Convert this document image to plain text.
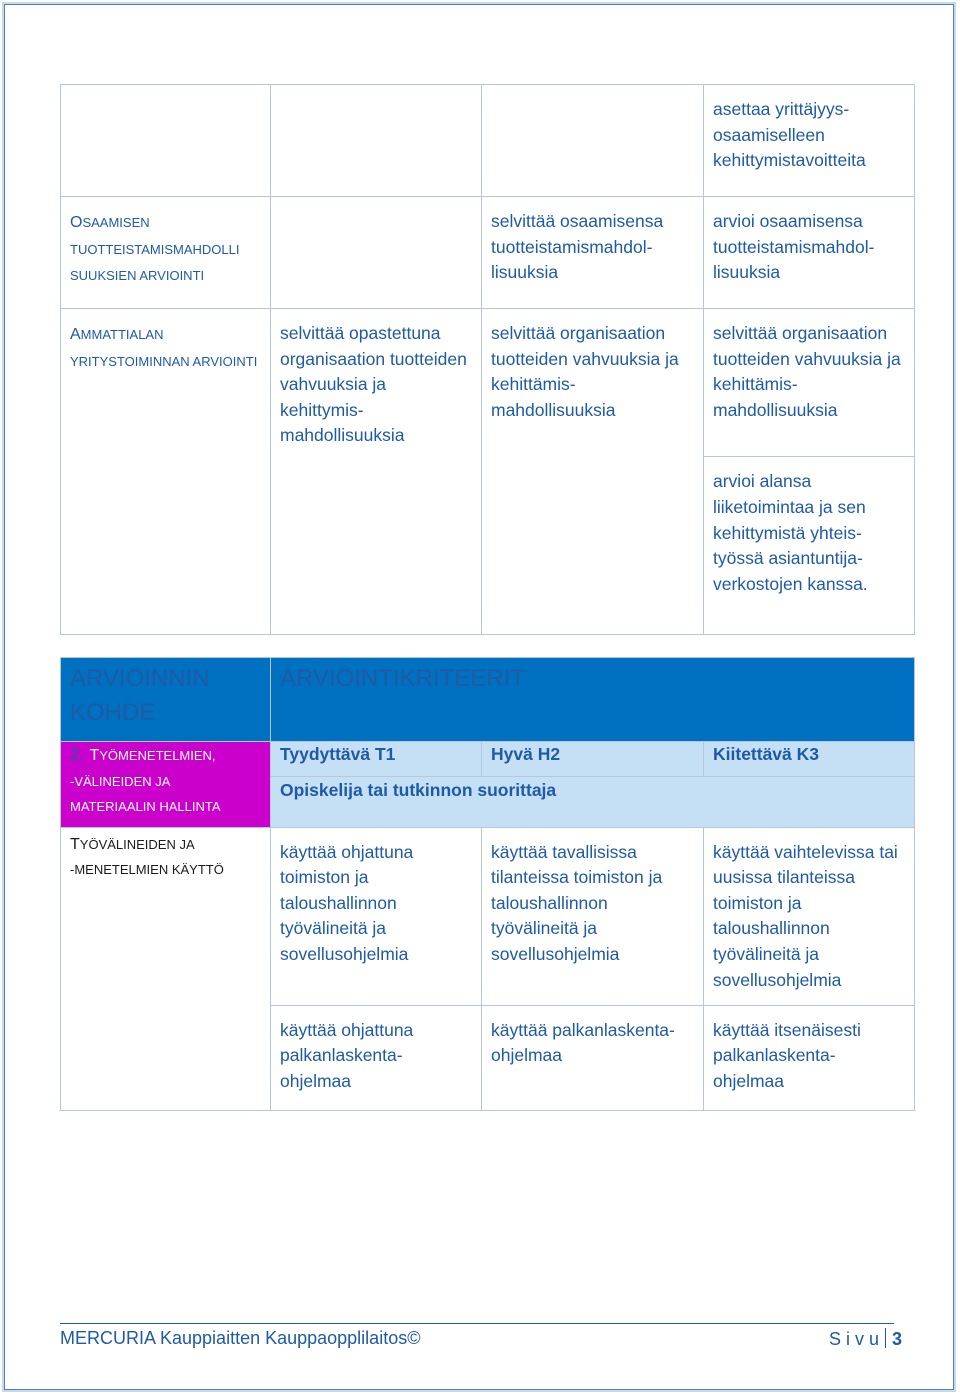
			asettaa yrittäjyys-osaamiselleen kehittymistavoitteita
OSAAMISEN TUOTTEISTAMISMAHDOLLI SUUKSIEN ARVIOINTI		selvittää osaamisensa tuotteistamismahdol-lisuuksia	arvioi osaamisensa tuotteistamismahdol-lisuuksia
AMMATTIALAN YRITYSTOIMINNAN ARVIOINTI	selvittää opastettuna organisaation tuotteiden vahvuuksia ja kehittymis-mahdollisuuksia	selvittää organisaation tuotteiden vahvuuksia ja kehittämis-mahdollisuuksia	selvittää organisaation tuotteiden vahvuuksia ja kehittämis-mahdollisuuksia
			arvioi alansa liiketoimintaa ja sen kehittymistä yhteis-työssä asiantuntija-verkostojen kanssa.
ARVIOINNIN KOHDE	ARVIOINTIKRITEERIT		
2. TYÖMENETELMIEN,
-VÄLINEIDEN JA
MATERIAALIN HALLINTA	Tyydyttävä T1	Hyvä H2	Kiitettävä K3
	Opiskelija tai tutkinnon suorittaja		

TYÖVÄLINEIDEN JA
-MENETELMIEN KÄYTTÖ	käyttää ohjattuna toimiston ja taloushallinnon työvälineitä ja sovellusohjelmia	käyttää tavallisissa tilanteissa toimiston ja taloushallinnon työvälineitä ja sovellusohjelmia	käyttää vaihtelevissa tai uusissa tilanteissa toimiston ja taloushallinnon työvälineitä ja sovellusohjelmia
	käyttää ohjattuna palkanlaskenta-ohjelmaa	käyttää palkanlaskenta-ohjelmaa	käyttää itsenäisesti palkanlaskenta-ohjelmaa
MERCURIA Kauppiaitten Kauppaopplilaitos©	S i v u 3
